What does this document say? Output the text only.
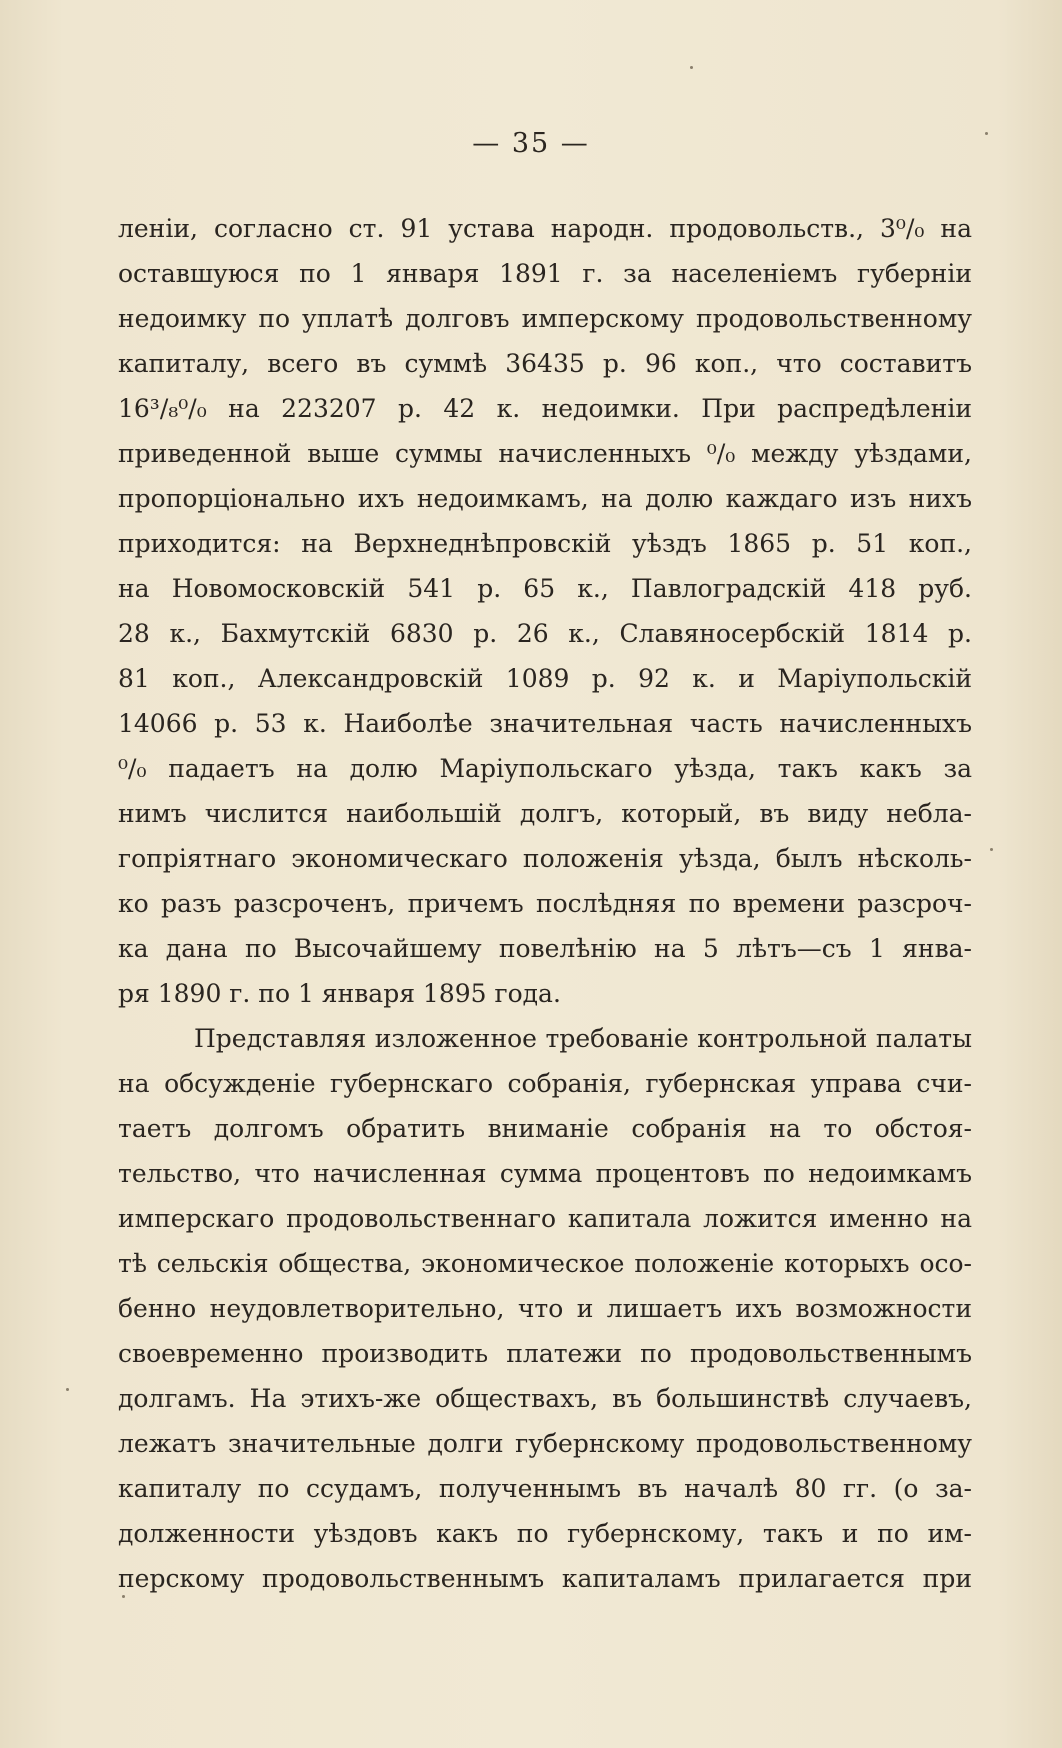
— 35 —
леніи, согласно ст. 91 устава народн. продовольств., 3⁰/₀ на
оставшуюся по 1 января 1891 г. за населеніемъ губерніи
недоимку по уплатѣ долговъ имперскому продовольственному
капиталу, всего въ суммѣ 36435 р. 96 коп., что составитъ
16³/₈⁰/₀ на 223207 р. 42 к. недоимки. При распредѣленіи
приведенной выше суммы начисленныхъ ⁰/₀ между уѣздами,
пропорціонально ихъ недоимкамъ, на долю каждаго изъ нихъ
приходится: на Верхнеднѣпровскій уѣздъ 1865 р. 51 коп.,
на Новомосковскій 541 р. 65 к., Павлоградскій 418 руб.
28 к., Бахмутскій 6830 р. 26 к., Славяносербскій 1814 р.
81 коп., Александровскій 1089 р. 92 к. и Маріупольскій
14066 р. 53 к. Наиболѣе значительная часть начисленныхъ
⁰/₀ падаетъ на долю Маріупольскаго уѣзда, такъ какъ за
нимъ числится наибольшій долгъ, который, въ виду небла-
гопріятнаго экономическаго положенія уѣзда, былъ нѣсколь-
ко разъ разсроченъ, причемъ послѣдняя по времени разсроч-
ка дана по Высочайшему повелѣнію на 5 лѣтъ—съ 1 янва-
ря 1890 г. по 1 января 1895 года.
Представляя изложенное требованіе контрольной палаты
на обсужденіе губернскаго собранія, губернская управа счи-
таетъ долгомъ обратить вниманіе собранія на то обстоя-
тельство, что начисленная сумма процентовъ по недоимкамъ
имперскаго продовольственнаго капитала ложится именно на
тѣ сельскія общества, экономическое положеніе которыхъ осо-
бенно неудовлетворительно, что и лишаетъ ихъ возможности
своевременно производить платежи по продовольственнымъ
долгамъ. На этихъ-же обществахъ, въ большинствѣ случаевъ,
лежатъ значительные долги губернскому продовольственному
капиталу по ссудамъ, полученнымъ въ началѣ 80 гг. (о за-
долженности уѣздовъ какъ по губернскому, такъ и по им-
перскому продовольственнымъ капиталамъ прилагается при
